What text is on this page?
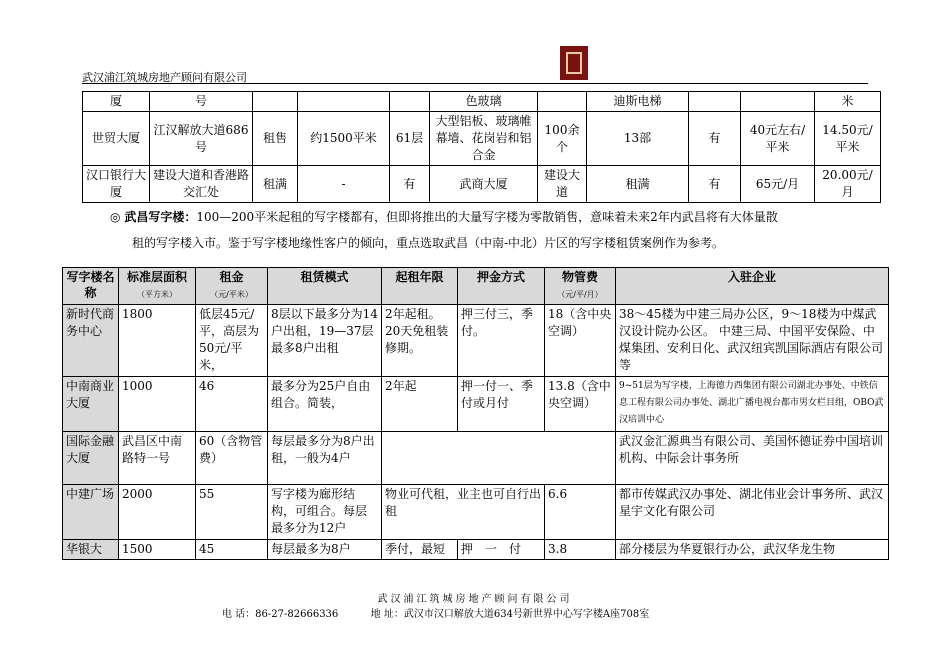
武汉浦江筑城房地产顾问有限公司
厦	号				色玻璃		迪斯电梯			米
世贸大厦	江汉解放大道686号	租售	约1500平米	61层	大型铝板、玻璃帷幕墙、花岗岩和铝合金	100余个	13部	有	40元左右/平米	14.50元/平米
汉口银行大厦	建设大道和香港路交汇处	租满	-	有	武商大厦	建设大道	租满	有	65元/月	20.00元/月
◎ 武昌写字楼：100—200平米起租的写字楼都有，但即将推出的大量写字楼为零散销售，意味着未来2年内武昌将有大体量散
租的写字楼入市。鉴于写字楼地缘性客户的倾向，重点选取武昌（中南-中北）片区的写字楼租赁案例作为参考。
写字楼名称	标准层面积（平方米）	租金
（元/平米）	租赁模式	起租年限	押金方式	物管费
（元/平/月）	入驻企业
新时代商务中心	1800	低层45元/平，高层为50元/平米，	8层以下最多分为14户出租，19—37层最多8户出租	2年起租。20天免租装修期。	押三付三，季付。	18（含中央空调）	38～45楼为中建三局办公区，9～18楼为中煤武汉设计院办公区。 中建三局、中国平安保险、中煤集团、安利日化、武汉纽宾凯国际酒店有限公司等
中南商业大厦	1000	46	最多分为25户自由组合。简装，	2年起	押一付一、季付或月付	13.8（含中央空调）	9~51层为写字楼，上海德力西集团有限公司湖北办事处、中铁信息工程有限公司办事处、湖北广播电视台都市男女栏目组，OBO武汉培训中心
国际金融大厦	武昌区中南路特一号	60（含物管费）	每层最多分为8户出租，一般为4户				武汉金汇源典当有限公司、美国怀德证券中国培训机构、中际会计事务所
中建广场	2000	55	写字楼为廊形结构，可组合。每层最多分为12户	物业可代租，业主也可自行出租		6.6	都市传媒武汉办事处、湖北伟业会计事务所、武汉星宇文化有限公司
华银大	1500	45	每层最多为8户	季付，最短	押　一　付	3.8	部分楼层为华夏银行办公，武汉华龙生物
武汉浦江筑城房地产顾问有限公司
电 话：86-27-82666336	地 址：武汉市汉口解放大道634号新世界中心写字楼A座708室
